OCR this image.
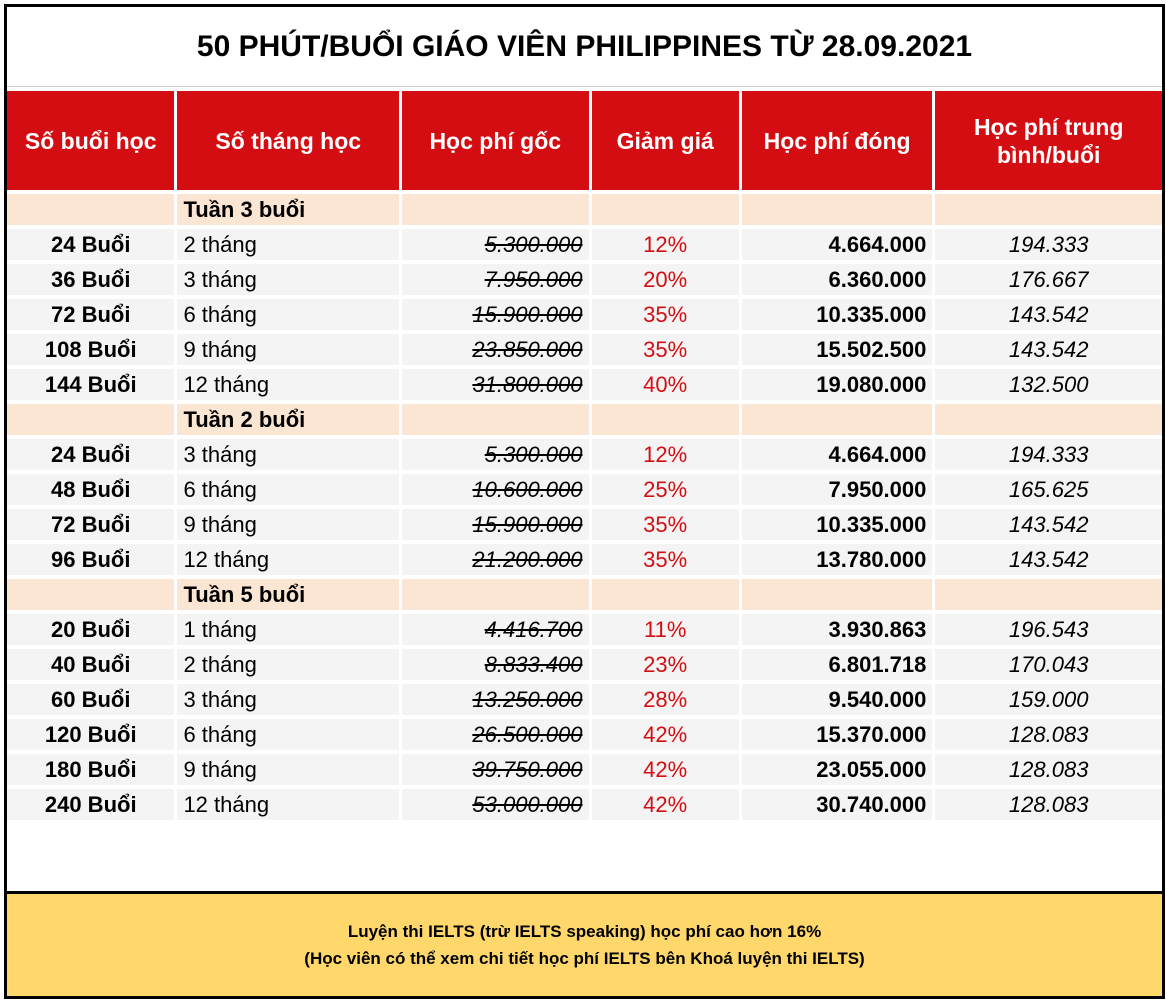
50 PHÚT/BUỔI GIÁO VIÊN PHILIPPINES TỪ 28.09.2021
Số buổi học	Số tháng học	Học phí gốc	Giảm giá	Học phí đóng	Học phí trung bình/buổi
	Tuần 3 buổi				
24 Buổi	2 tháng	5.300.000	12%	4.664.000	194.333
36 Buổi	3 tháng	7.950.000	20%	6.360.000	176.667
72 Buổi	6 tháng	15.900.000	35%	10.335.000	143.542
108 Buổi	9 tháng	23.850.000	35%	15.502.500	143.542
144 Buổi	12 tháng	31.800.000	40%	19.080.000	132.500
	Tuần 2 buổi				
24 Buổi	3 tháng	5.300.000	12%	4.664.000	194.333
48 Buổi	6 tháng	10.600.000	25%	7.950.000	165.625
72 Buổi	9 tháng	15.900.000	35%	10.335.000	143.542
96 Buổi	12 tháng	21.200.000	35%	13.780.000	143.542
	Tuần 5 buổi				
20 Buổi	1 tháng	4.416.700	11%	3.930.863	196.543
40 Buổi	2 tháng	8.833.400	23%	6.801.718	170.043
60 Buổi	3 tháng	13.250.000	28%	9.540.000	159.000
120 Buổi	6 tháng	26.500.000	42%	15.370.000	128.083
180 Buổi	9 tháng	39.750.000	42%	23.055.000	128.083
240 Buổi	12 tháng	53.000.000	42%	30.740.000	128.083
Luyện thi IELTS (trừ IELTS speaking) học phí cao hơn 16%
(Học viên có thể xem chi tiết học phí IELTS bên Khoá luyện thi IELTS)
